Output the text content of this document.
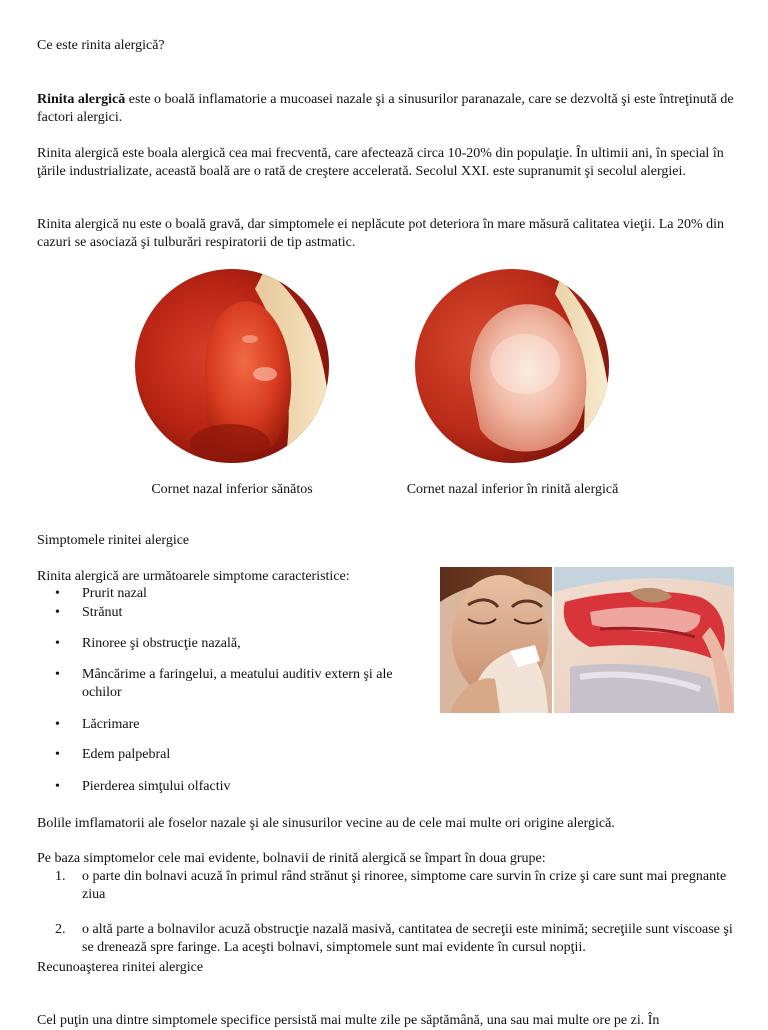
Ce este rinita alergică?

Rinita alergică este o boală inflamatorie a mucoasei nazale şi a sinusurilor paranazale, care se dezvoltă şi este întreţinută de factori alergici.

Rinita alergică este boala alergică cea mai frecventă, care afectează circa 10-20% din populaţie. În ultimii ani, în special în ţările industrializate, această boală are o rată de creştere accelerată. Secolul XXI. este supranumit şi secolul alergiei.

Rinita alergică nu este o boală gravă, dar simptomele ei neplăcute pot deteriora în mare măsură calitatea vieţii. La 20% din cazuri se asociază şi tulburări respiratorii de tip astmatic.

Cornet nazal inferior sănătos	Cornet nazal inferior în rinită alergică

Simptomele rinitei alergice

Rinita alergică are următoarele simptome caracteristice:

• Prurit nazal
• Strănut
• Rinoree şi obstrucţie nazală,
• Mâncărime a faringelui, a meatului auditiv extern şi ale ochilor
• Lăcrimare
• Edem palpebral
• Pierderea simţului olfactiv

Bolile imflamatorii ale foselor nazale şi ale sinusurilor vecine au de cele mai multe ori origine alergică.

Pe baza simptomelor cele mai evidente, bolnavii de rinită alergică se împart în doua grupe:

1. o parte din bolnavi acuză în primul rând strănut şi rinoree, simptome care survin în crize şi care sunt mai pregnante ziua
2. o altă parte a bolnavilor acuză obstrucţie nazală masivă, cantitatea de secreţii este minimă; secreţiile sunt viscoase şi se drenează spre faringe. La aceşti bolnavi, simptomele sunt mai evidente în cursul nopţii.

Recunoaşterea rinitei alergice

Cel puţin una dintre simptomele specifice persistă mai multe zile pe săptămână, una sau mai multe ore pe zi. În
